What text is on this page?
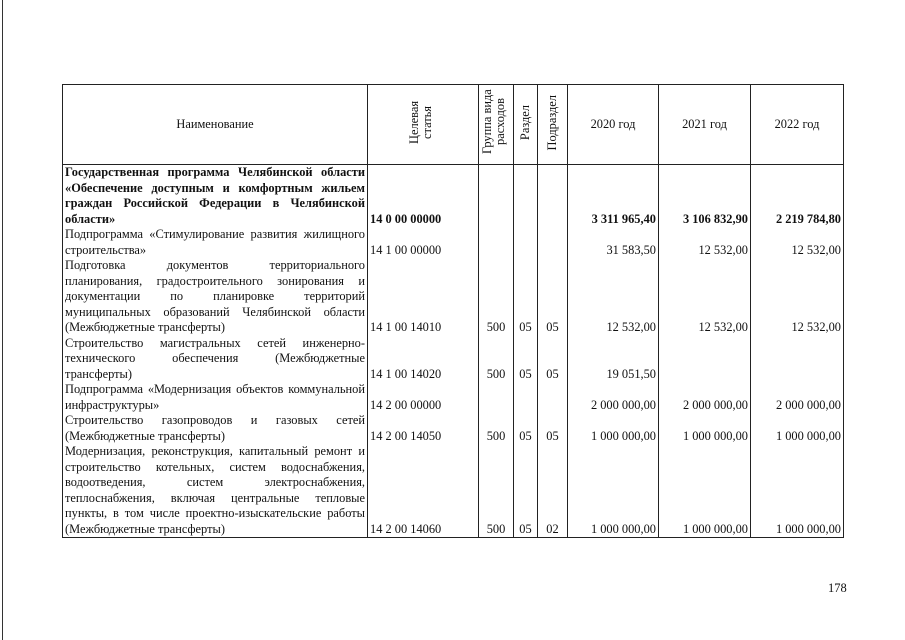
Наименование	Целевая статья	Группа вида расходов	Раздел	Подраздел	2020 год	2021 год	2022 год
Государственная программа Челябинской области «Обеспечение доступным и комфортным жильем граждан Российской Федерации в Челябинской области»	14 0 00 00000				3 311 965,40	3 106 832,90	2 219 784,80
Подпрограмма «Стимулирование развития жилищного строительства»	14 1 00 00000				31 583,50	12 532,00	12 532,00
Подготовка документов территориального планирования, градостроительного зонирования и документации по планировке территорий муниципальных образований Челябинской области (Межбюджетные трансферты)	14 1 00 14010	500	05	05	12 532,00	12 532,00	12 532,00
Строительство магистральных сетей инженерно-технического обеспечения (Межбюджетные трансферты)	14 1 00 14020	500	05	05	19 051,50		
Подпрограмма «Модернизация объектов коммунальной инфраструктуры»	14 2 00 00000				2 000 000,00	2 000 000,00	2 000 000,00
Строительство газопроводов и газовых сетей (Межбюджетные трансферты)	14 2 00 14050	500	05	05	1 000 000,00	1 000 000,00	1 000 000,00
Модернизация, реконструкция, капитальный ремонт и строительство котельных, систем водоснабжения, водоотведения, систем электроснабжения, теплоснабжения, включая центральные тепловые пункты, в том числе проектно-изыскательские работы (Межбюджетные трансферты)	14 2 00 14060	500	05	02	1 000 000,00	1 000 000,00	1 000 000,00
178
